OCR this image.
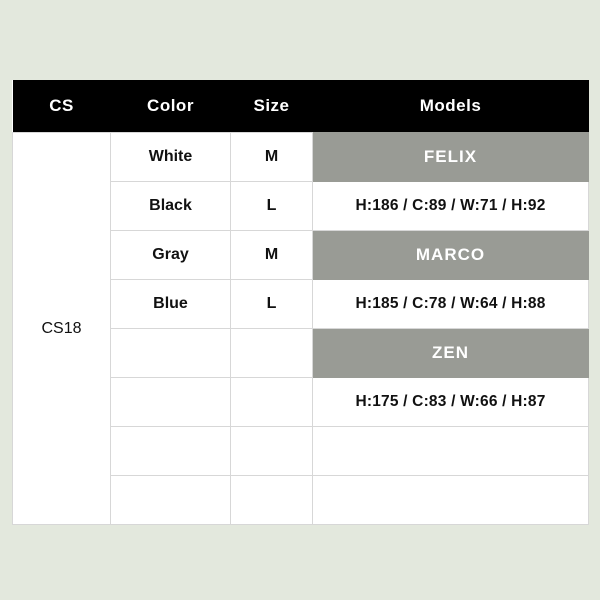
CS	Color	Size	Models
CS18	White	M	FELIX
	Black	L	H:186 / C:89 / W:71 / H:92
	Gray	M	MARCO
	Blue	L	H:185 / C:78 / W:64 / H:88
			ZEN
			H:175 / C:83 / W:66 / H:87
